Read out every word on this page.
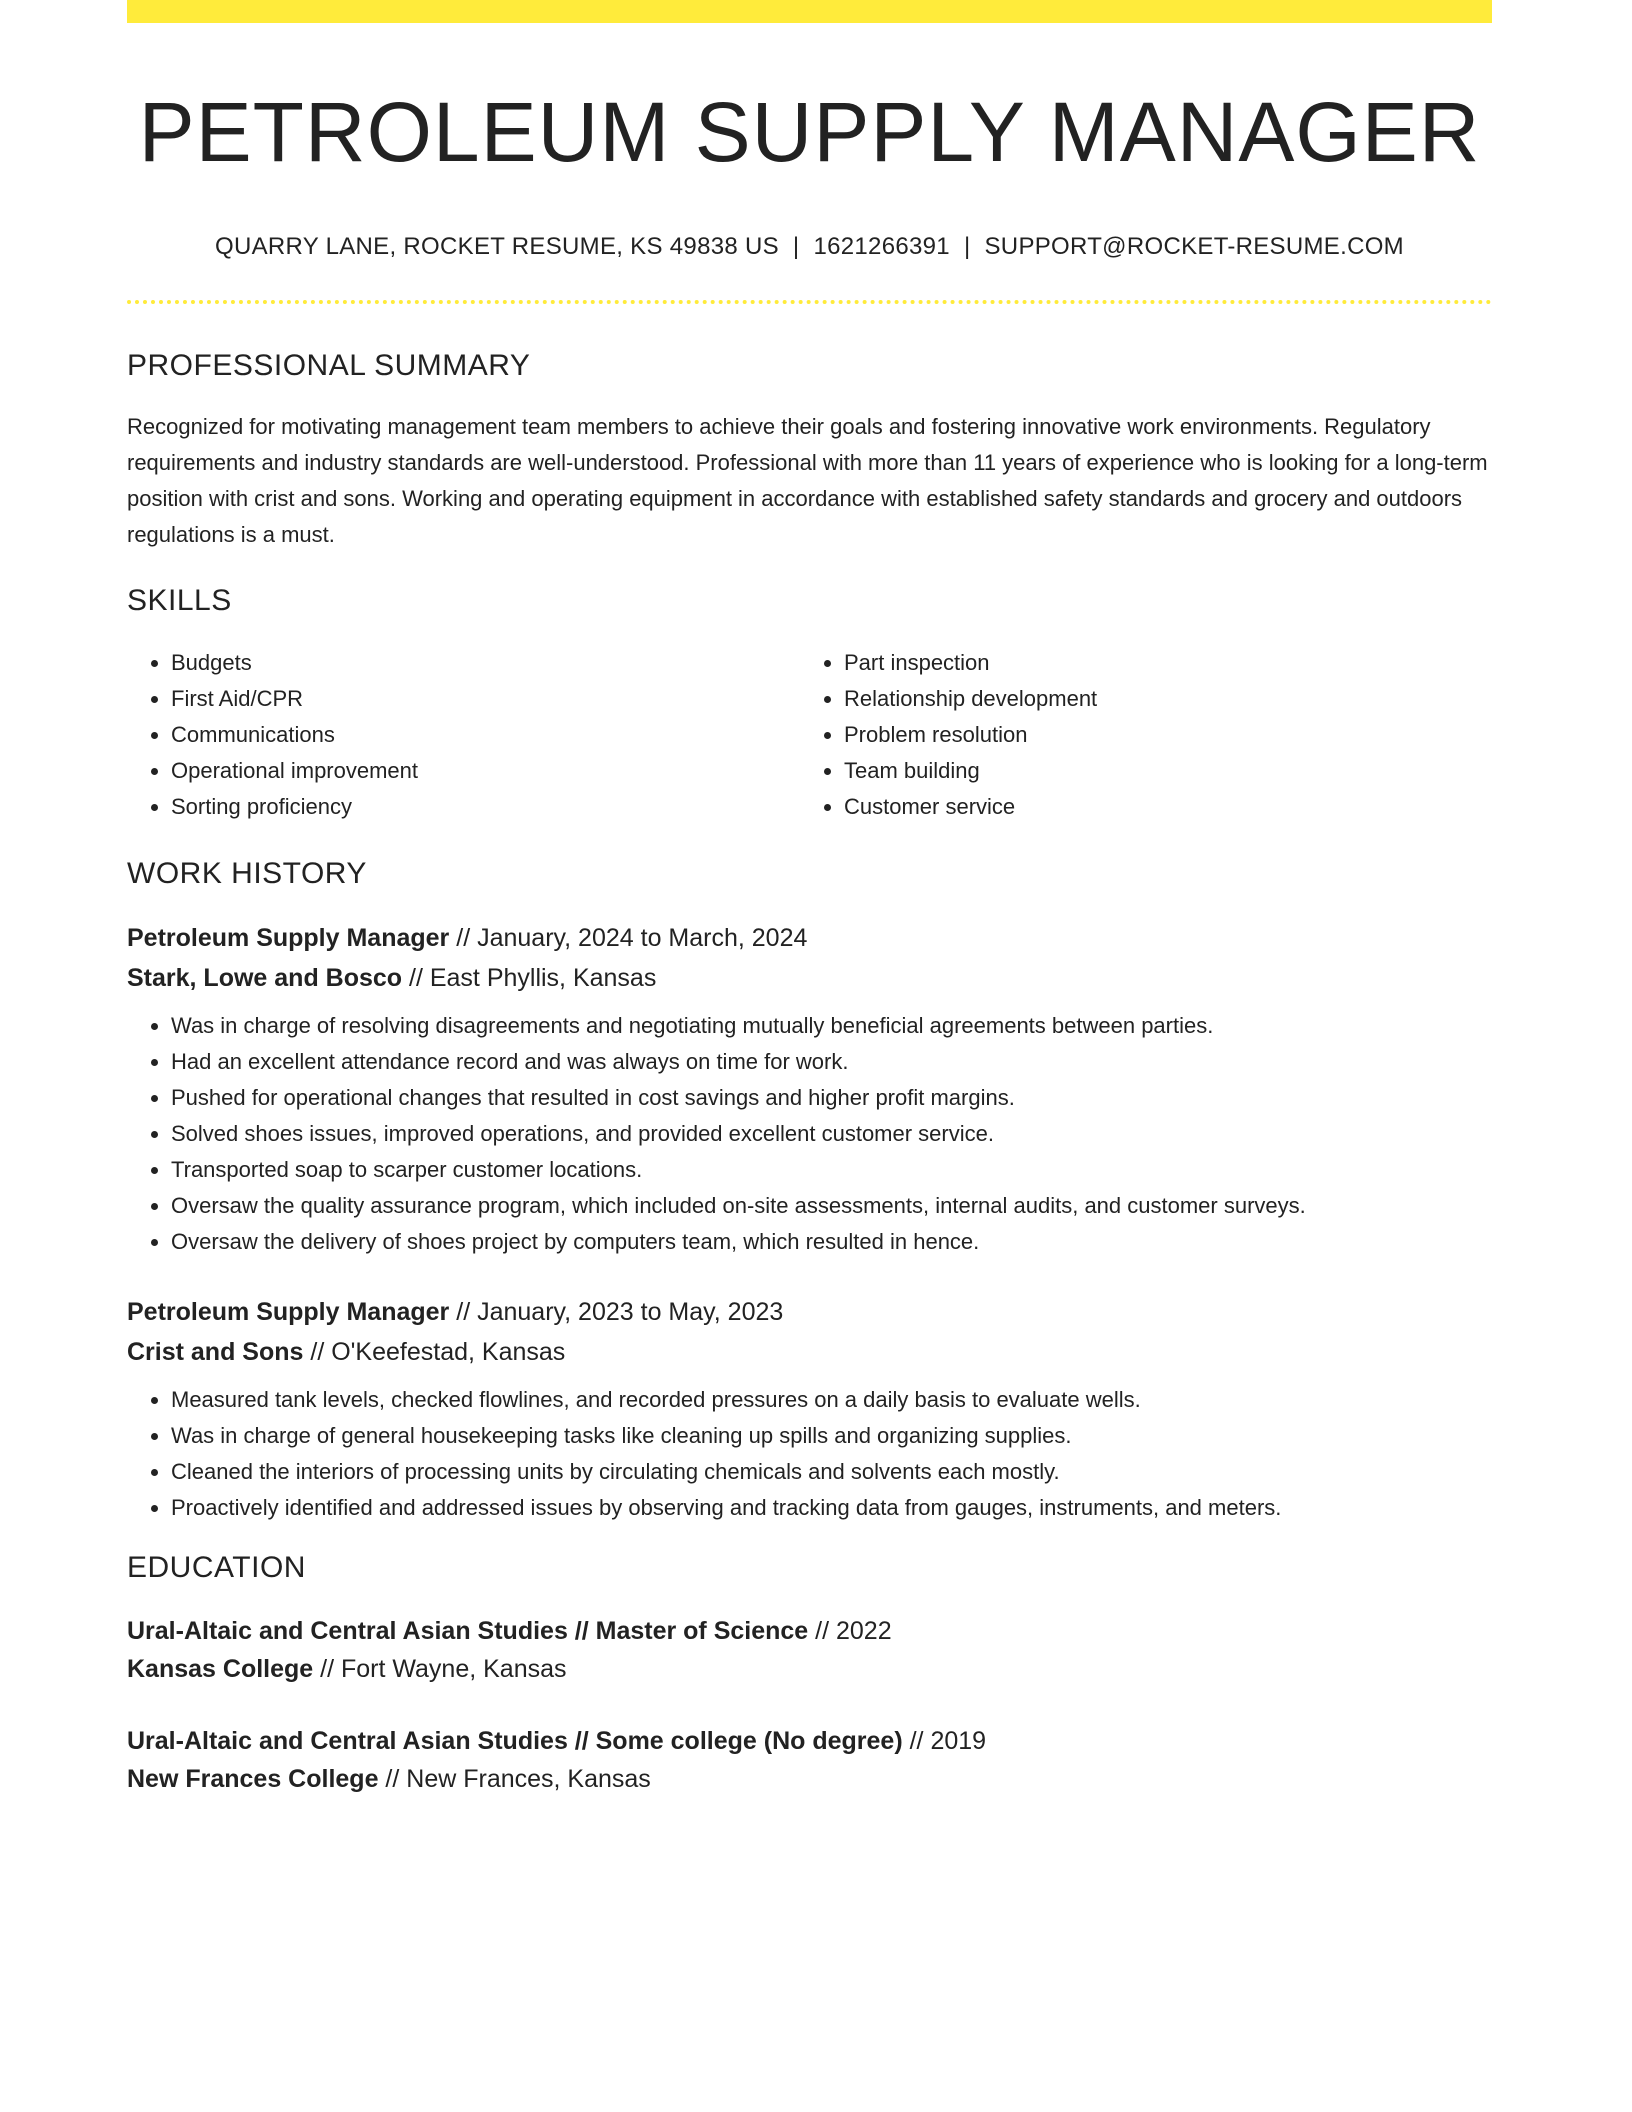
PETROLEUM SUPPLY MANAGER
QUARRY LANE, ROCKET RESUME, KS 49838 US | 1621266391 | SUPPORT@ROCKET-RESUME.COM
PROFESSIONAL SUMMARY

Recognized for motivating management team members to achieve their goals and fostering innovative work environments. Regulatory requirements and industry standards are well-understood. Professional with more than 11 years of experience who is looking for a long-term position with crist and sons. Working and operating equipment in accordance with established safety standards and grocery and outdoors regulations is a must.

SKILLS
• Budgets
• First Aid/CPR
• Communications
• Operational improvement
• Sorting proficiency
• Part inspection
• Relationship development
• Problem resolution
• Team building
• Customer service
WORK HISTORY
Petroleum Supply Manager // January, 2024 to March, 2024
Stark, Lowe and Bosco // East Phyllis, Kansas
• Was in charge of resolving disagreements and negotiating mutually beneficial agreements between parties.
• Had an excellent attendance record and was always on time for work.
• Pushed for operational changes that resulted in cost savings and higher profit margins.
• Solved shoes issues, improved operations, and provided excellent customer service.
• Transported soap to scarper customer locations.
• Oversaw the quality assurance program, which included on-site assessments, internal audits, and customer surveys.
• Oversaw the delivery of shoes project by computers team, which resulted in hence.
Petroleum Supply Manager // January, 2023 to May, 2023
Crist and Sons // O'Keefestad, Kansas
• Measured tank levels, checked flowlines, and recorded pressures on a daily basis to evaluate wells.
• Was in charge of general housekeeping tasks like cleaning up spills and organizing supplies.
• Cleaned the interiors of processing units by circulating chemicals and solvents each mostly.
• Proactively identified and addressed issues by observing and tracking data from gauges, instruments, and meters.
EDUCATION
Ural-Altaic and Central Asian Studies // Master of Science // 2022
Kansas College // Fort Wayne, Kansas
Ural-Altaic and Central Asian Studies // Some college (No degree) // 2019
New Frances College // New Frances, Kansas
